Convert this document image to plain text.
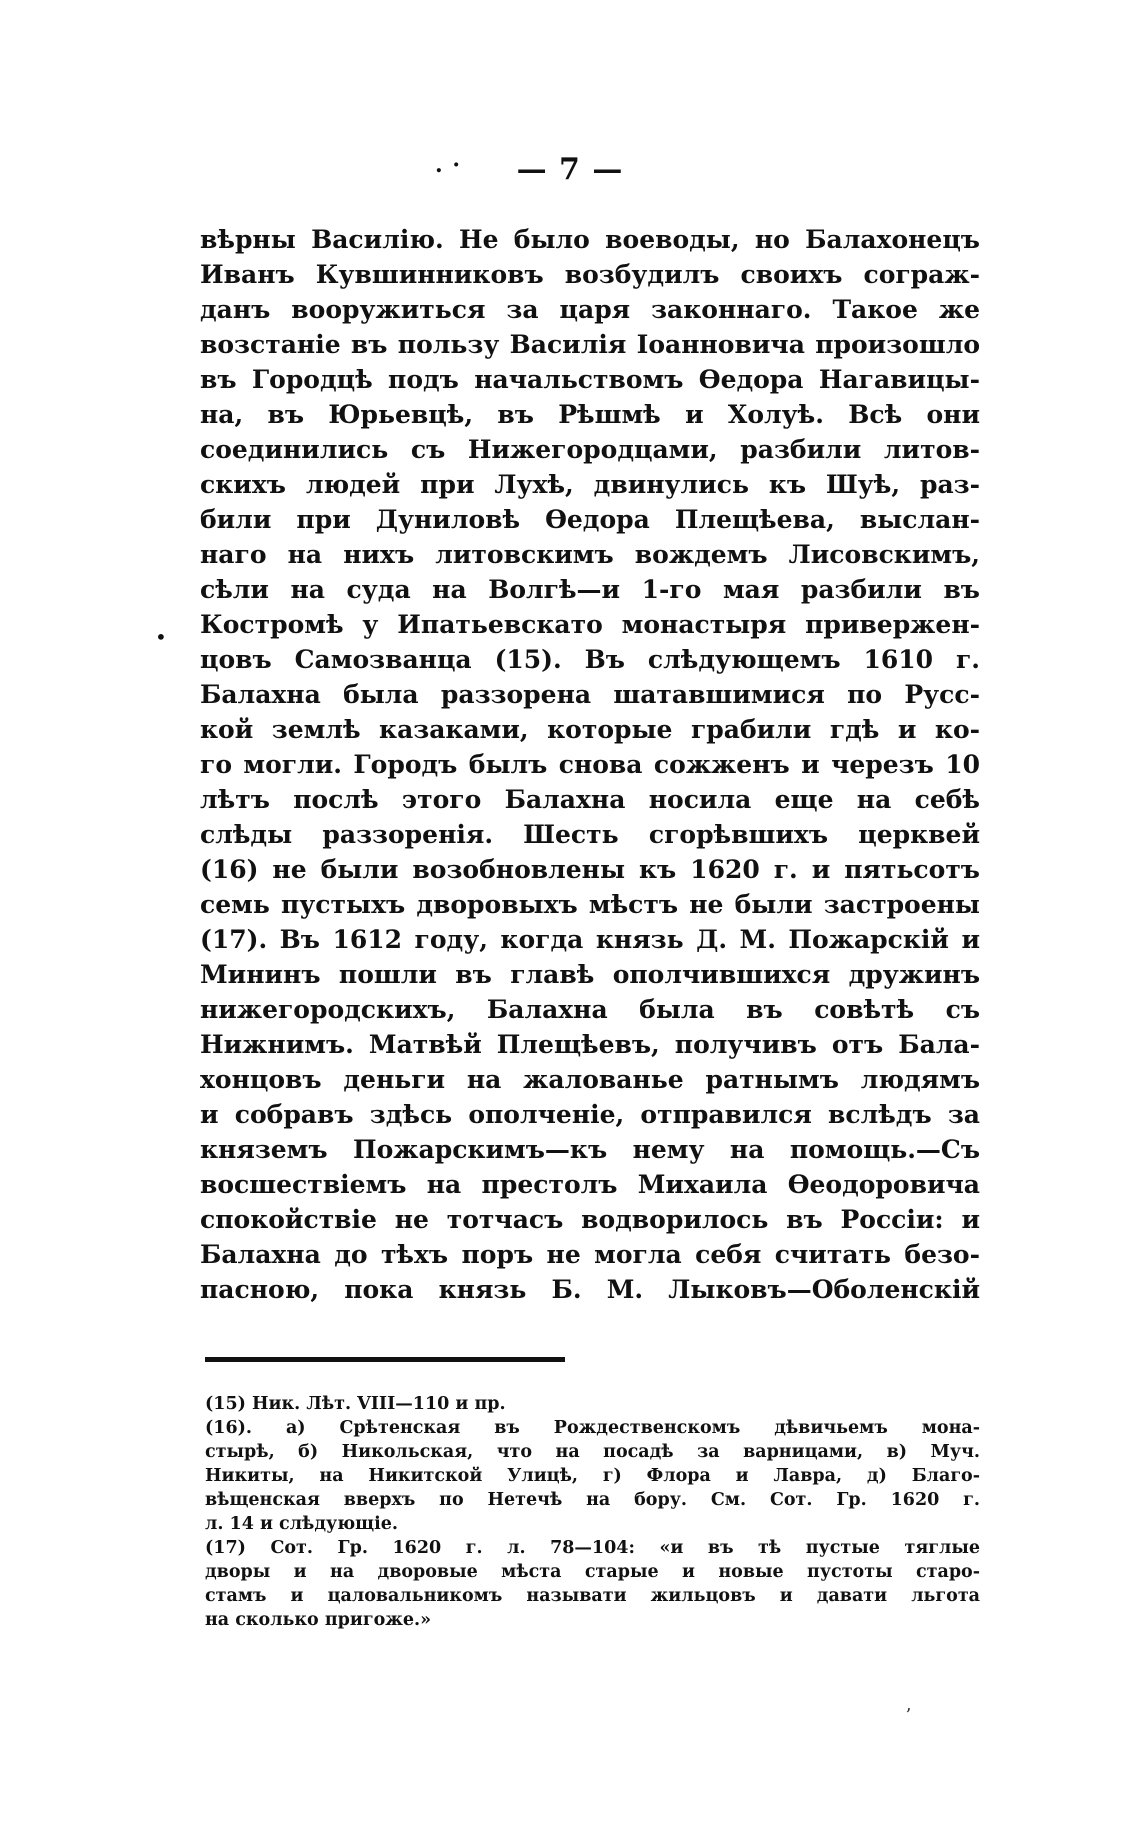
. · — 7 —
•
вѣрны Василію. Не было воеводы, но Балахонецъ
Иванъ Кувшинниковъ возбудилъ своихъ сограж-
данъ вооружиться за царя законнаго. Такое же
возстаніе въ пользу Василія Іоанновича произошло
въ Городцѣ подъ начальствомъ Ѳедора Нагавицы-
на, въ Юрьевцѣ, въ Рѣшмѣ и Холуѣ. Всѣ они
соединились съ Нижегородцами, разбили литов-
скихъ людей при Лухѣ, двинулись къ Шуѣ, раз-
били при Дуниловѣ Ѳедора Плещѣева, выслан-
наго на нихъ литовскимъ вождемъ Лисовскимъ,
сѣли на суда на Волгѣ—и 1-го мая разбили въ
Костромѣ у Ипатьевскато монастыря привержен-
цовъ Самозванца (15). Въ слѣдующемъ 1610 г.
Балахна была раззорена шатавшимися по Русс-
кой землѣ казаками, которые грабили гдѣ и ко-
го могли. Городъ былъ снова сожженъ и черезъ 10
лѣтъ послѣ этого Балахна носила еще на себѣ
слѣды раззоренія. Шесть сгорѣвшихъ церквей
(16) не были возобновлены къ 1620 г. и пятьсотъ
семь пустыхъ дворовыхъ мѣстъ не были застроены
(17). Въ 1612 году, когда князь Д. М. Пожарскій и
Мининъ пошли въ главѣ ополчившихся дружинъ
нижегородскихъ, Балахна была въ совѣтѣ съ
Нижнимъ. Матвѣй Плещѣевъ, получивъ отъ Бала-
хонцовъ деньги на жалованье ратнымъ людямъ
и собравъ здѣсь ополченіе, отправился вслѣдъ за
княземъ Пожарскимъ—къ нему на помощь.—Съ
восшествіемъ на престолъ Михаила Ѳеодоровича
спокойствіе не тотчасъ водворилось въ Россіи: и
Балахна до тѣхъ поръ не могла себя считать безо-
пасною, пока князь Б. М. Лыковъ—Оболенскій
(15) Ник. Лѣт. VIII—110 и пр.
(16). а) Срѣтенская въ Рождественскомъ дѣвичьемъ мона-
стырѣ, б) Никольская, что на посадѣ за варницами, в) Муч.
Никиты, на Никитской Улицѣ, г) Флора и Лавра, д) Благо-
вѣщенская вверхъ по Нетечѣ на бору. См. Сот. Гр. 1620 г.
л. 14 и слѣдующіе.
(17) Сот. Гр. 1620 г. л. 78—104: «и въ тѣ пустые тяглые
дворы и на дворовые мѣста старые и новые пустоты старо-
стамъ и цаловальникомъ называти жильцовъ и давати льгота
на сколько пригоже.»
ʼ
